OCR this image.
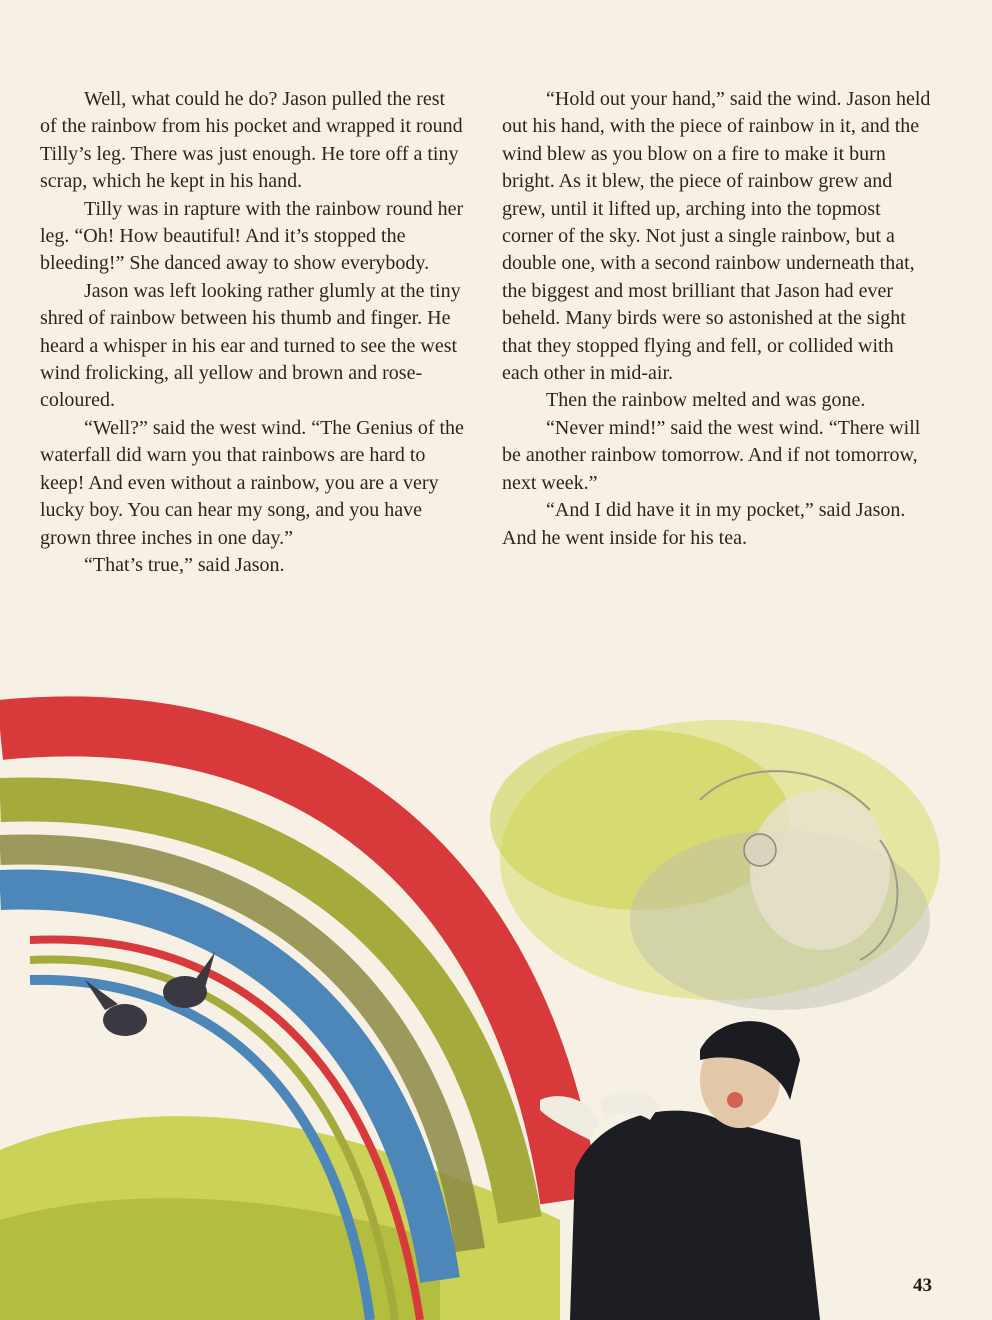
Well, what could he do? Jason pulled the rest of the rainbow from his pocket and wrapped it round Tilly’s leg. There was just enough. He tore off a tiny scrap, which he kept in his hand.

Tilly was in rapture with the rainbow round her leg. “Oh! How beautiful! And it’s stopped the bleeding!” She danced away to show everybody.

Jason was left looking rather glumly at the tiny shred of rainbow between his thumb and finger. He heard a whisper in his ear and turned to see the west wind frolicking, all yellow and brown and rose-coloured.

“Well?” said the west wind. “The Genius of the waterfall did warn you that rainbows are hard to keep! And even without a rainbow, you are a very lucky boy. You can hear my song, and you have grown three inches in one day.”

“That’s true,” said Jason.

“Hold out your hand,” said the wind. Jason held out his hand, with the piece of rainbow in it, and the wind blew as you blow on a fire to make it burn bright. As it blew, the piece of rainbow grew and grew, until it lifted up, arching into the topmost corner of the sky. Not just a single rainbow, but a double one, with a second rainbow underneath that, the biggest and most brilliant that Jason had ever beheld. Many birds were so astonished at the sight that they stopped flying and fell, or collided with each other in mid-air.

Then the rainbow melted and was gone.

“Never mind!” said the west wind. “There will be another rainbow tomorrow. And if not tomorrow, next week.”

“And I did have it in my pocket,” said Jason. And he went inside for his tea.

43
